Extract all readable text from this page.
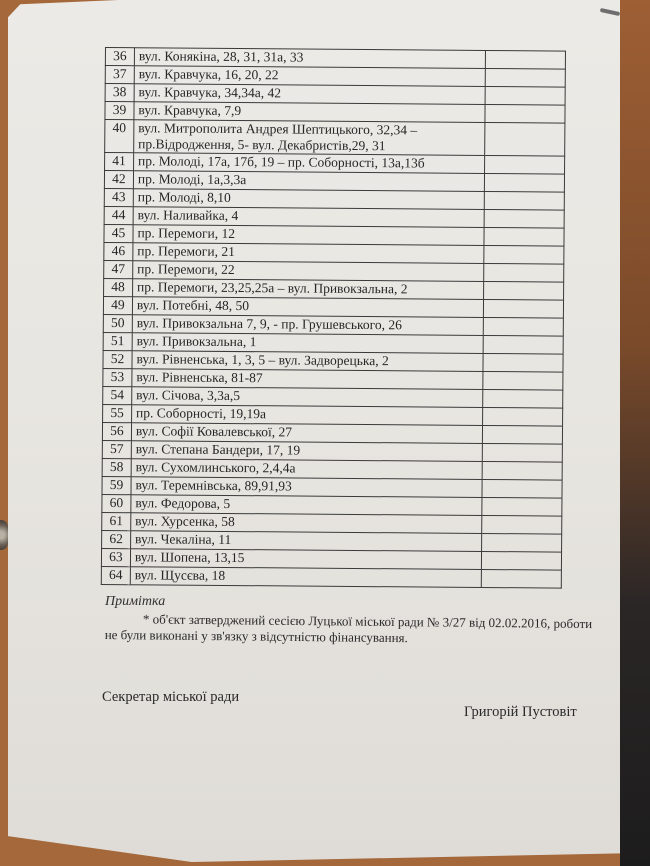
36	вул. Конякіна, 28, 31, 31а, 33	
37	вул. Кравчука, 16, 20, 22	
38	вул. Кравчука, 34,34а, 42	
39	вул. Кравчука, 7,9	
40	вул. Митрополита Андрея Шептицького, 32,34 – пр.Відродження, 5- вул. Декабристів,29, 31	
41	пр. Молоді, 17а, 17б, 19 – пр. Соборності, 13а,13б	
42	пр. Молоді, 1а,3,3а	
43	пр. Молоді, 8,10	
44	вул. Наливайка, 4	
45	пр. Перемоги, 12	
46	пр. Перемоги, 21	
47	пр. Перемоги, 22	
48	пр. Перемоги, 23,25,25а – вул. Привокзальна, 2	
49	вул. Потебні, 48, 50	
50	вул. Привокзальна 7, 9, - пр. Грушевського, 26	
51	вул. Привокзальна, 1	
52	вул. Рівненська, 1, 3, 5 – вул. Задворецька, 2	
53	вул. Рівненська, 81-87	
54	вул. Січова, 3,3а,5	
55	пр. Соборності, 19,19а	
56	вул. Софії Ковалевської, 27	
57	вул. Степана Бандери, 17, 19	
58	вул. Сухомлинського, 2,4,4а	
59	вул. Теремнівська, 89,91,93	
60	вул. Федорова, 5	
61	вул. Хурсенка, 58	
62	вул. Чекаліна, 11	
63	вул. Шопена, 13,15	
64	вул. Щусєва, 18	
Примітка
* об'єкт затверджений сесією Луцької міської ради № 3/27 від 02.02.2016, роботи
не були виконані у зв'язку з відсутністю фінансування.
Секретар міської ради
Григорій Пустовіт
